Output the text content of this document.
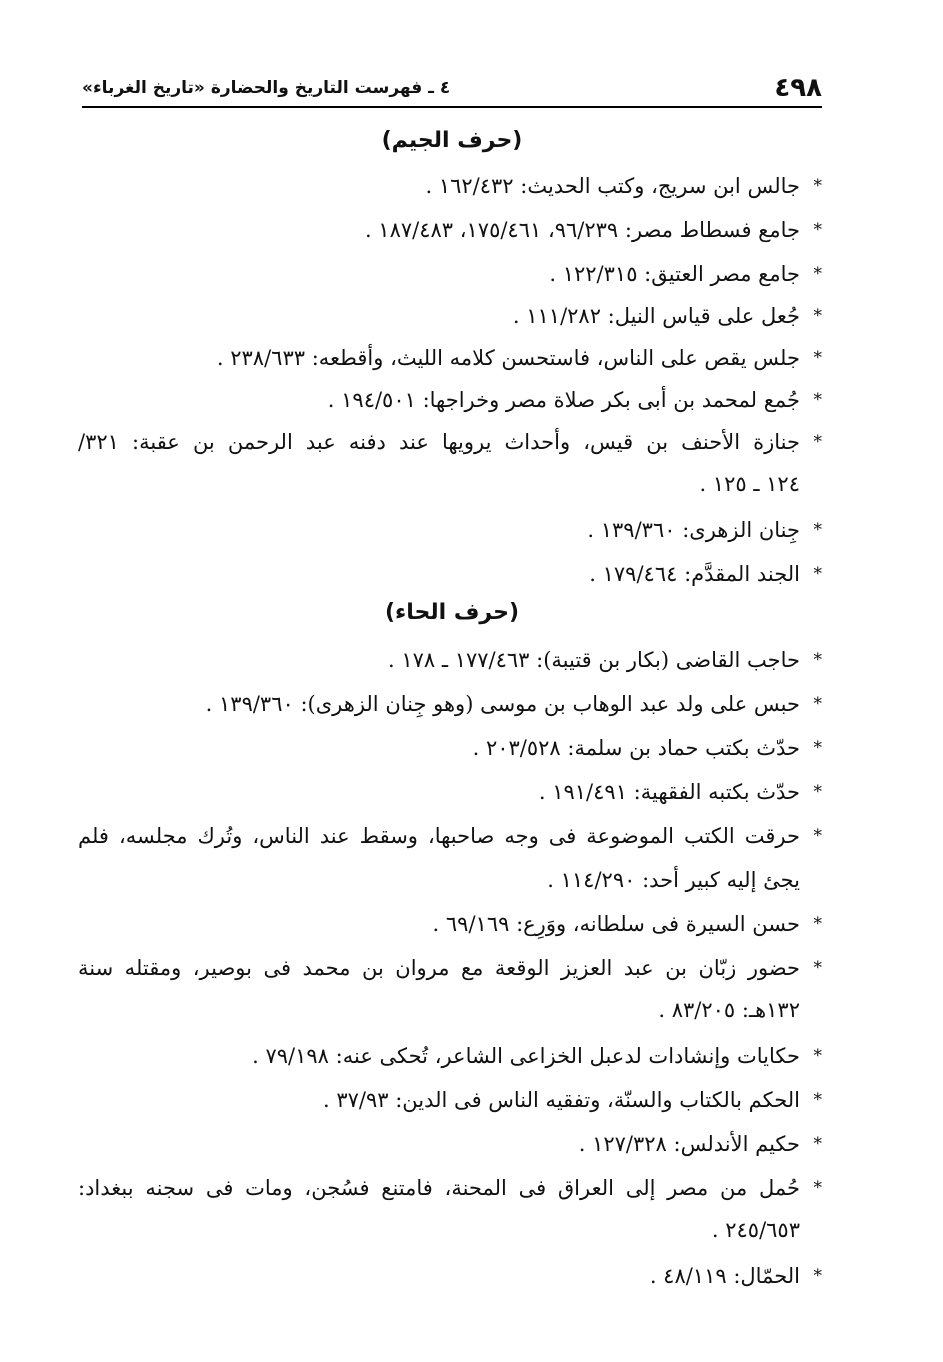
٤٩٨
٤ ـ فهرست التاريخ والحضارة «تاريخ الغرباء»
(حرف الجيم)
*
جالس ابن سريج، وكتب الحديث: ١٦٢/٤٣٢ .
*
جامع فسطاط مصر: ٩٦/٢٣٩، ١٧٥/٤٦١، ١٨٧/٤٨٣ .
*
جامع مصر العتيق: ١٢٢/٣١٥ .
*
جُعل على قياس النيل: ١١١/٢٨٢ .
*
جلس يقص على الناس، فاستحسن كلامه الليث، وأقطعه: ٢٣٨/٦٣٣ .
*
جُمع لمحمد بن أبى بكر صلاة مصر وخراجها: ١٩٤/٥٠١ .
*
جنازة الأحنف بن قيس، وأحداث يرويها عند دفنه عبد الرحمن بن عقبة: ٣٢١/
١٢٤ ـ ١٢٥ .
*
جِنان الزهرى: ١٣٩/٣٦٠ .
*
الجند المقدَّم: ١٧٩/٤٦٤ .
(حرف الحاء)
*
حاجب القاضى (بكار بن قتيبة): ١٧٧/٤٦٣ ـ ١٧٨ .
*
حبس على ولد عبد الوهاب بن موسى (وهو جِنان الزهرى): ١٣٩/٣٦٠ .
*
حدّث بكتب حماد بن سلمة: ٢٠٣/٥٢٨ .
*
حدّث بكتبه الفقهية: ١٩١/٤٩١ .
*
حرقت الكتب الموضوعة فى وجه صاحبها، وسقط عند الناس، وتُرك مجلسه، فلم
يجئ إليه كبير أحد: ١١٤/٢٩٠ .
*
حسن السيرة فى سلطانه، ووَرِع: ٦٩/١٦٩ .
*
حضور زبّان بن عبد العزيز الوقعة مع مروان بن محمد فى بوصير، ومقتله سنة
١٣٢هـ: ٨٣/٢٠٥ .
*
حكايات وإنشادات لدعبل الخزاعى الشاعر، تُحكى عنه: ٧٩/١٩٨ .
*
الحكم بالكتاب والسنّة، وتفقيه الناس فى الدين: ٣٧/٩٣ .
*
حكيم الأندلس: ١٢٧/٣٢٨ .
*
حُمل من مصر إلى العراق فى المحنة، فامتنع فسُجن، ومات فى سجنه ببغداد:
٢٤٥/٦٥٣ .
*
الحمّال: ٤٨/١١٩ .
